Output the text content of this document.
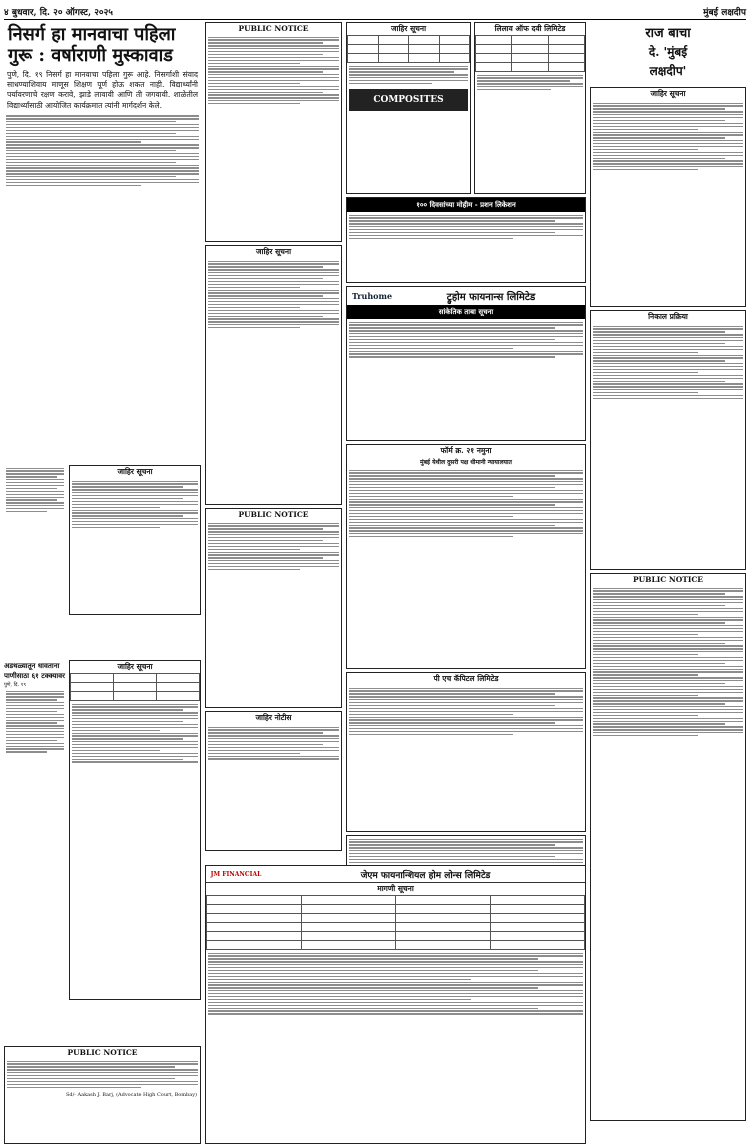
४ बुधवार, दि. २० ऑगस्ट, २०२५	मुंबई लक्षदीप
निसर्ग हा मानवाचा पहिला गुरू : वर्षाराणी मुस्कावाड
पुणे, दि. १९ निसर्ग हा मानवाचा पहिला गुरू आहे. निसर्गाशी संवाद साधण्याशिवाय माणूस शिक्षण पूर्ण होऊ शकत नाही. विद्यार्थ्यांनी पर्यावरणाचे रक्षण करावे, झाडे लावावी आणि ती जगवावी. शाळेतील विद्यार्थ्यांसाठी आयोजित कार्यक्रमात त्यांनी मार्गदर्शन केले.
जाहिर सूचना
अडथळ्यातून धावताना पाणीसाठा ६१ टक्क्यावर
पुणे, दि. १९
जाहिर सूचना

PUBLIC NOTICE
जाहिर सूचना
PUBLIC NOTICE
जाहिर नोटीस
जाहिर सूचना

COMPOSITES
लिलाव ऑफ दवी लिमिटेड

१०० दिवसांच्या मोहीम - प्रशन लिकेशन
Truhome	ट्रुहोम फायनान्स लिमिटेड
सांकेतिक ताबा सूचना
फॉर्म क्र. २१ नमुना
मुंबई येथील दुसरी पक्ष धीमानी न्यायालयात
पी एच कॅपिटल लिमिटेड
राज बाचा
दे. 'मुंबई
लक्षदीप'
जाहिर सूचना
निकाल प्रक्रिया
PUBLIC NOTICE
PUBLIC NOTICE
Sd/- Aakash J. Barj, (Advocate High Court, Bombay)
JM FINANCIAL	जेएम फायनान्शियल होम लोन्स लिमिटेड
मागणी सूचना
